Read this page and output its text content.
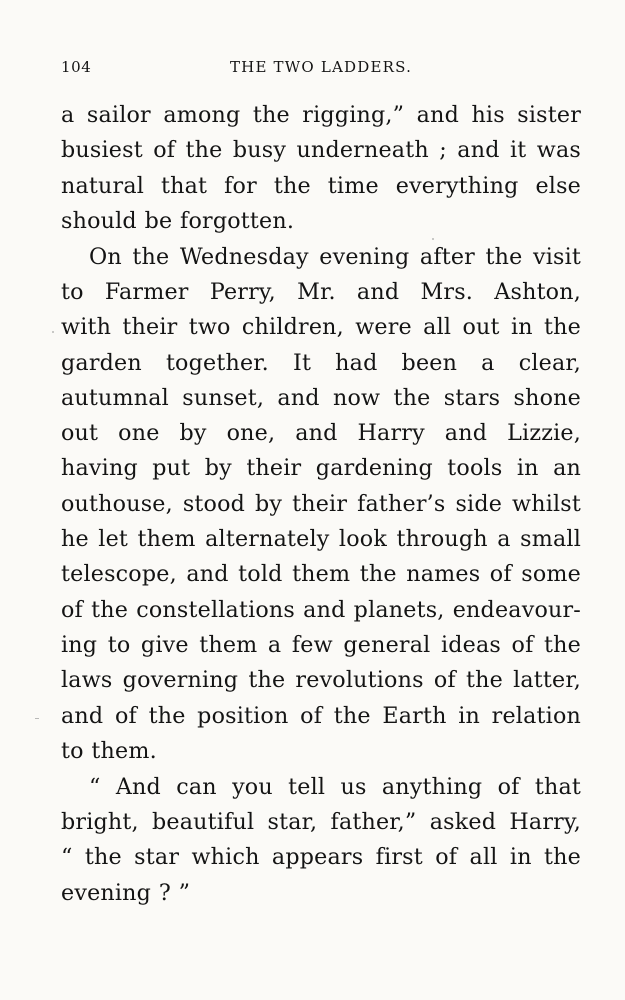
104	THE TWO LADDERS.

a sailor among the rigging,” and his sister
busiest of the busy underneath ; and it was
natural that for the time everything else
should be forgotten.

On the Wednesday evening after the visit
to Farmer Perry, Mr. and Mrs. Ashton,
with their two children, were all out in the
garden together. It had been a clear,
autumnal sunset, and now the stars shone
out one by one, and Harry and Lizzie,
having put by their gardening tools in an
outhouse, stood by their father’s side whilst
he let them alternately look through a small
telescope, and told them the names of some
of the constellations and planets, endeavour-
ing to give them a few general ideas of the
laws governing the revolutions of the latter,
and of the position of the Earth in relation
to them.

“ And can you tell us anything of that
bright, beautiful star, father,” asked Harry,
“ the star which appears first of all in the
evening ? ”
